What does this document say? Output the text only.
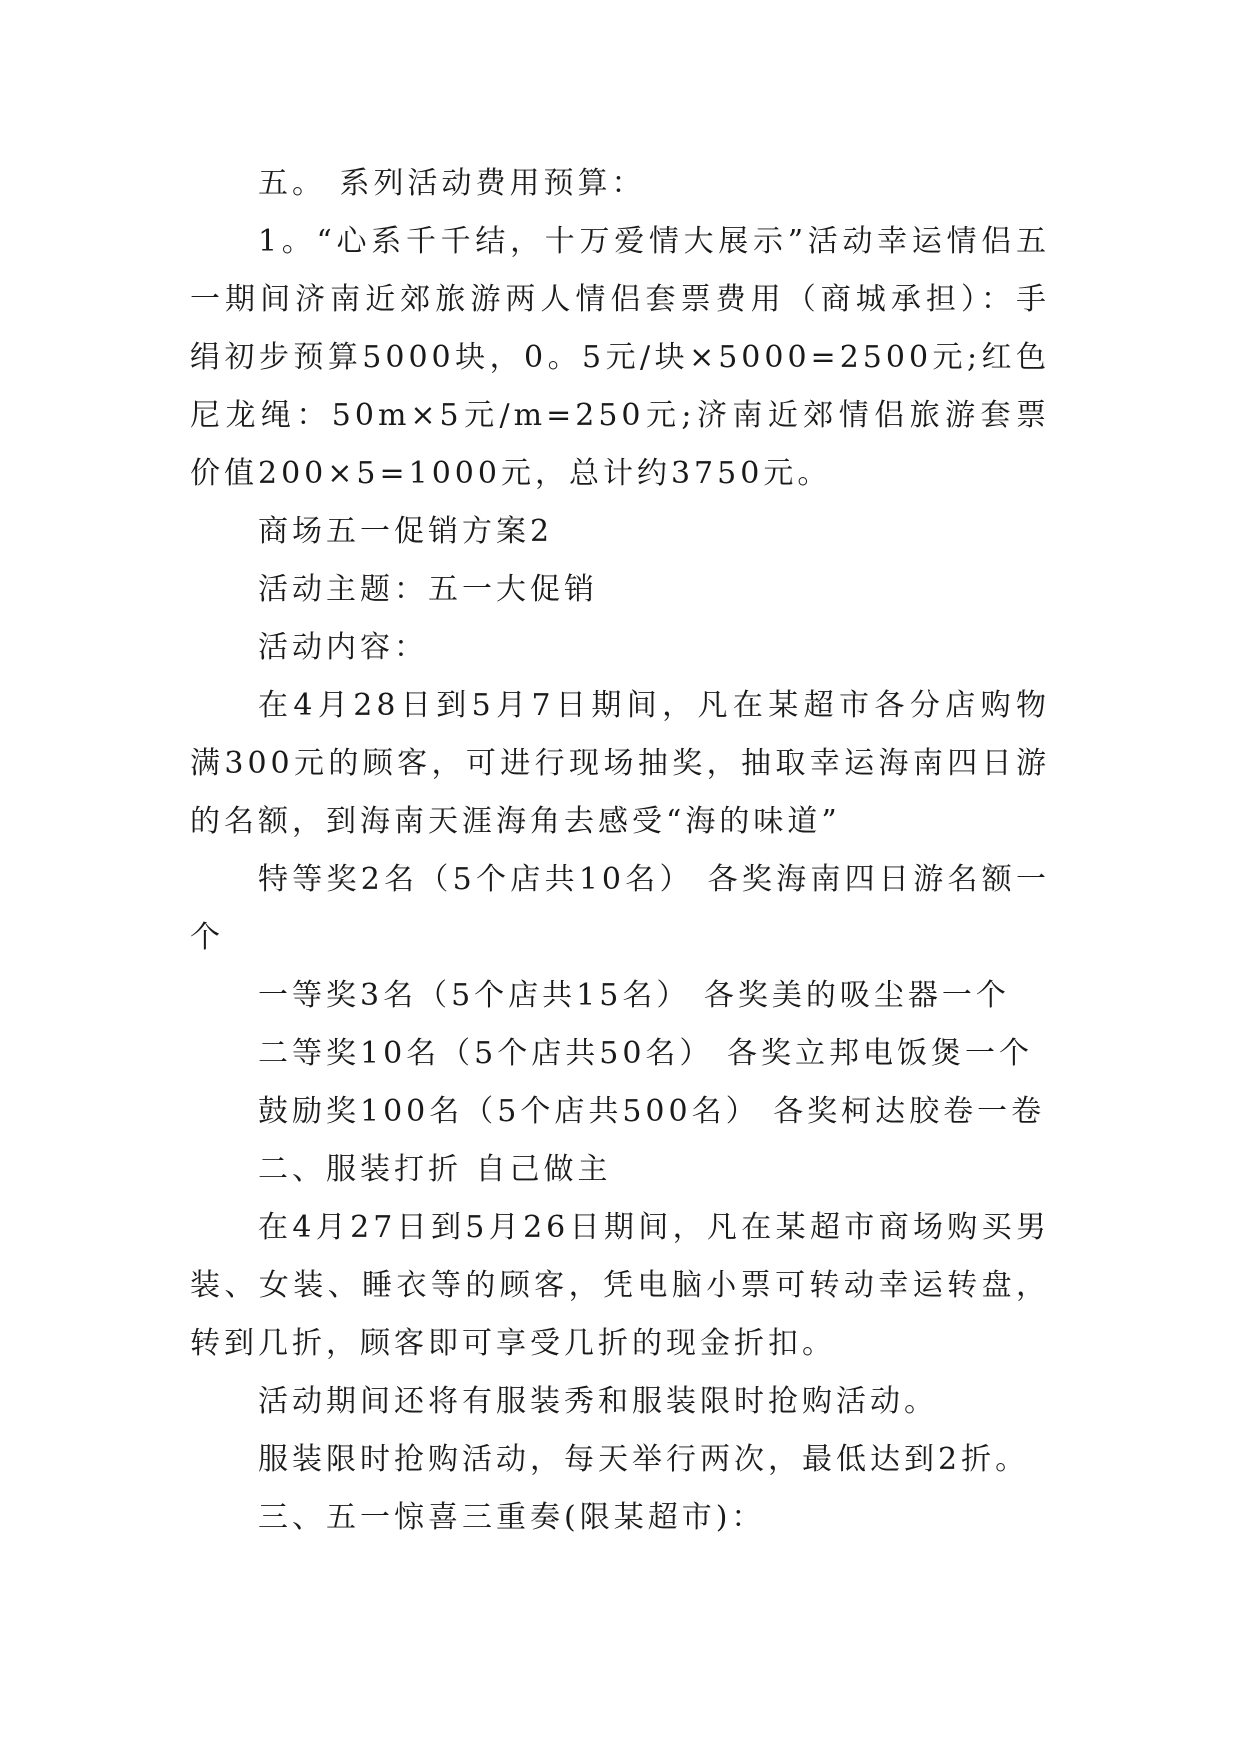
五。 系列活动费用预算：

1。“心系千千结，十万爱情大展示”活动幸运情侣五一期间济南近郊旅游两人情侣套票费用（商城承担）：手绢初步预算5000块，0。5元/块×5000=2500元;红色尼龙绳：50m×5元/m=250元;济南近郊情侣旅游套票价值200×5=1000元，总计约3750元。

商场五一促销方案2

活动主题：五一大促销

活动内容：

在4月28日到5月7日期间，凡在某超市各分店购物满300元的顾客，可进行现场抽奖，抽取幸运海南四日游的名额，到海南天涯海角去感受“海的味道”

特等奖2名（5个店共10名） 各奖海南四日游名额一个

一等奖3名（5个店共15名） 各奖美的吸尘器一个

二等奖10名（5个店共50名） 各奖立邦电饭煲一个

鼓励奖100名（5个店共500名） 各奖柯达胶卷一卷

二、服装打折 自己做主

在4月27日到5月26日期间，凡在某超市商场购买男装、女装、睡衣等的顾客，凭电脑小票可转动幸运转盘，转到几折，顾客即可享受几折的现金折扣。

活动期间还将有服装秀和服装限时抢购活动。

服装限时抢购活动，每天举行两次，最低达到2折。

三、五一惊喜三重奏(限某超市)：
